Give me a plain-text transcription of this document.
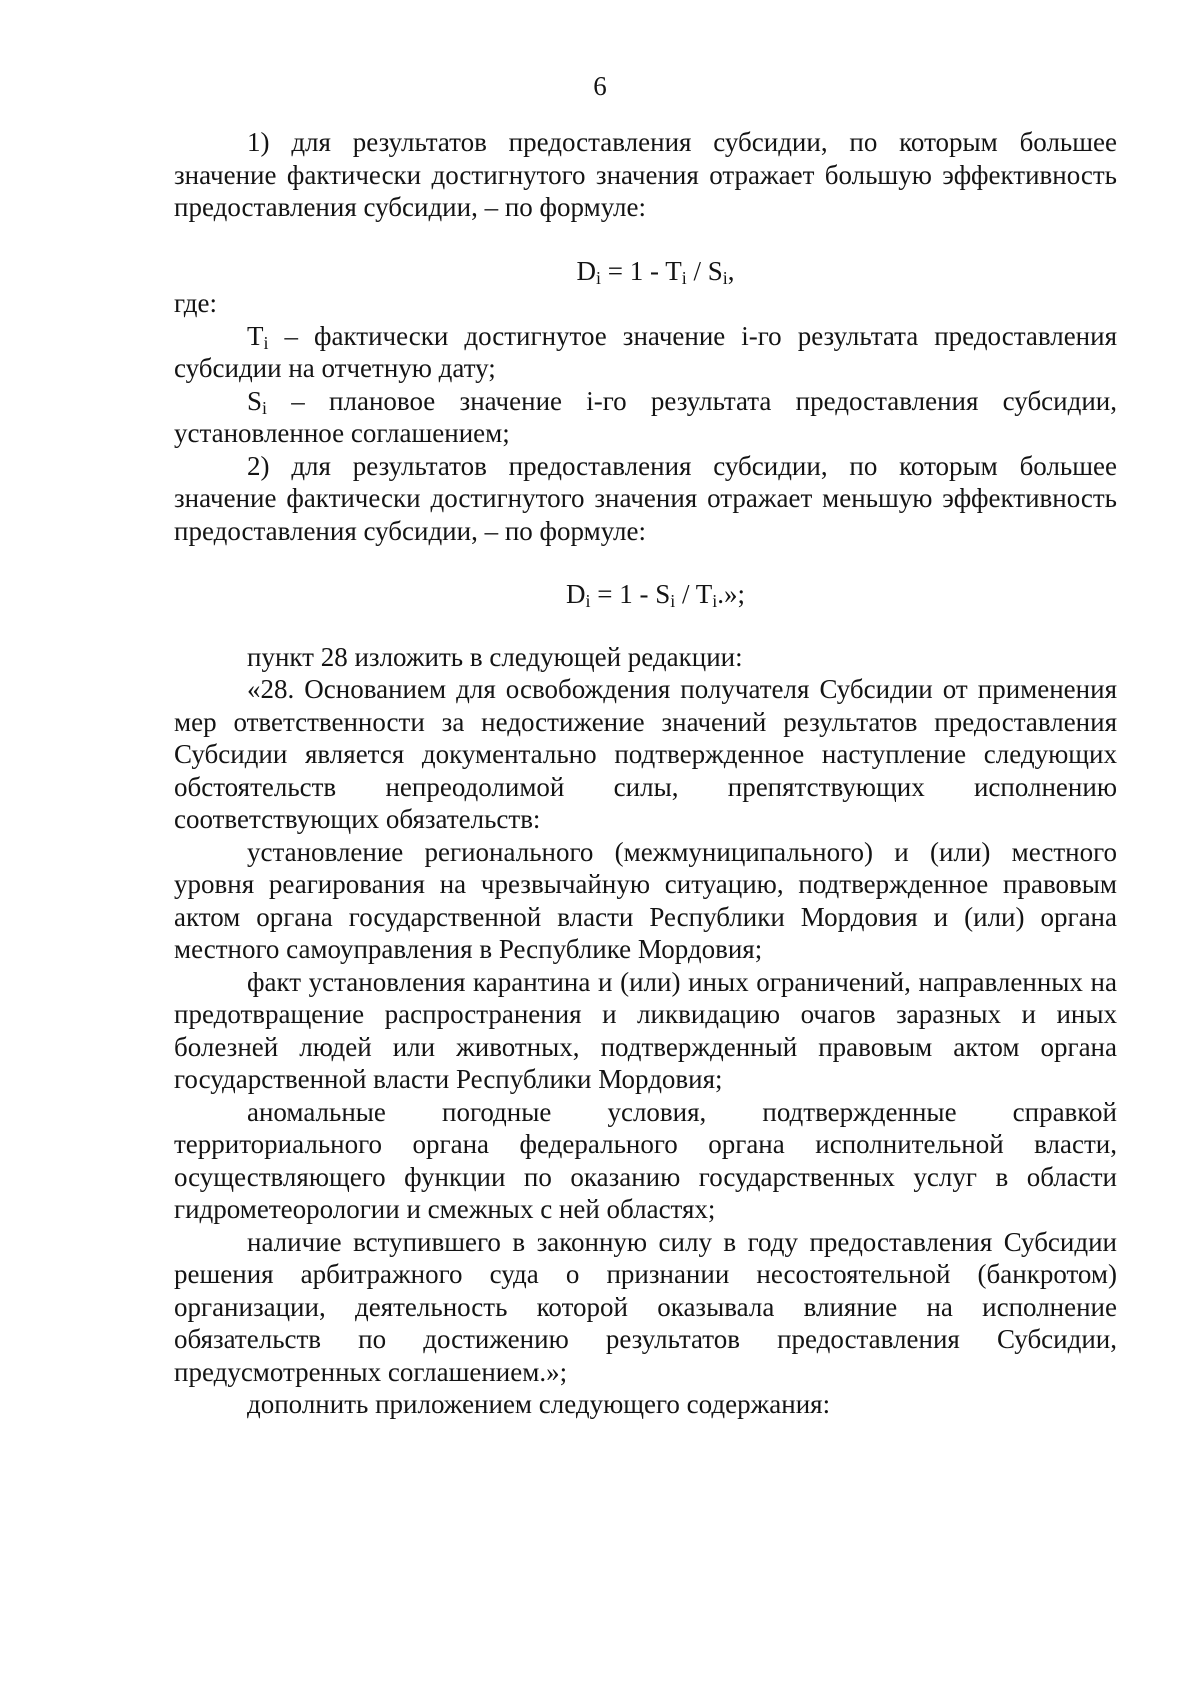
6

1) для результатов предоставления субсидии, по которым большее значение фактически достигнутого значения отражает большую эффективность предоставления субсидии, – по формуле:

$D_i = 1 - T_i / S_i$,

где:

$T_i$ – фактически достигнутое значение i-го результата предоставления субсидии на отчетную дату;

$S_i$ – плановое значение i-го результата предоставления субсидии, установленное соглашением;

2) для результатов предоставления субсидии, по которым большее значение фактически достигнутого значения отражает меньшую эффективность предоставления субсидии, – по формуле:

$D_i = 1 - S_i / T_i$.»;

пункт 28 изложить в следующей редакции:

«28. Основанием для освобождения получателя Субсидии от применения мер ответственности за недостижение значений результатов предоставления Субсидии является документально подтвержденное наступление следующих обстоятельств непреодолимой силы, препятствующих исполнению соответствующих обязательств:

установление регионального (межмуниципального) и (или) местного уровня реагирования на чрезвычайную ситуацию, подтвержденное правовым актом органа государственной власти Республики Мордовия и (или) органа местного самоуправления в Республике Мордовия;

факт установления карантина и (или) иных ограничений, направленных на предотвращение распространения и ликвидацию очагов заразных и иных болезней людей или животных, подтвержденный правовым актом органа государственной власти Республики Мордовия;

аномальные погодные условия, подтвержденные справкой территориального органа федерального органа исполнительной власти, осуществляющего функции по оказанию государственных услуг в области гидрометеорологии и смежных с ней областях;

наличие вступившего в законную силу в году предоставления Субсидии решения арбитражного суда о признании несостоятельной (банкротом) организации, деятельность которой оказывала влияние на исполнение обязательств по достижению результатов предоставления Субсидии, предусмотренных соглашением.»;

дополнить приложением следующего содержания:
